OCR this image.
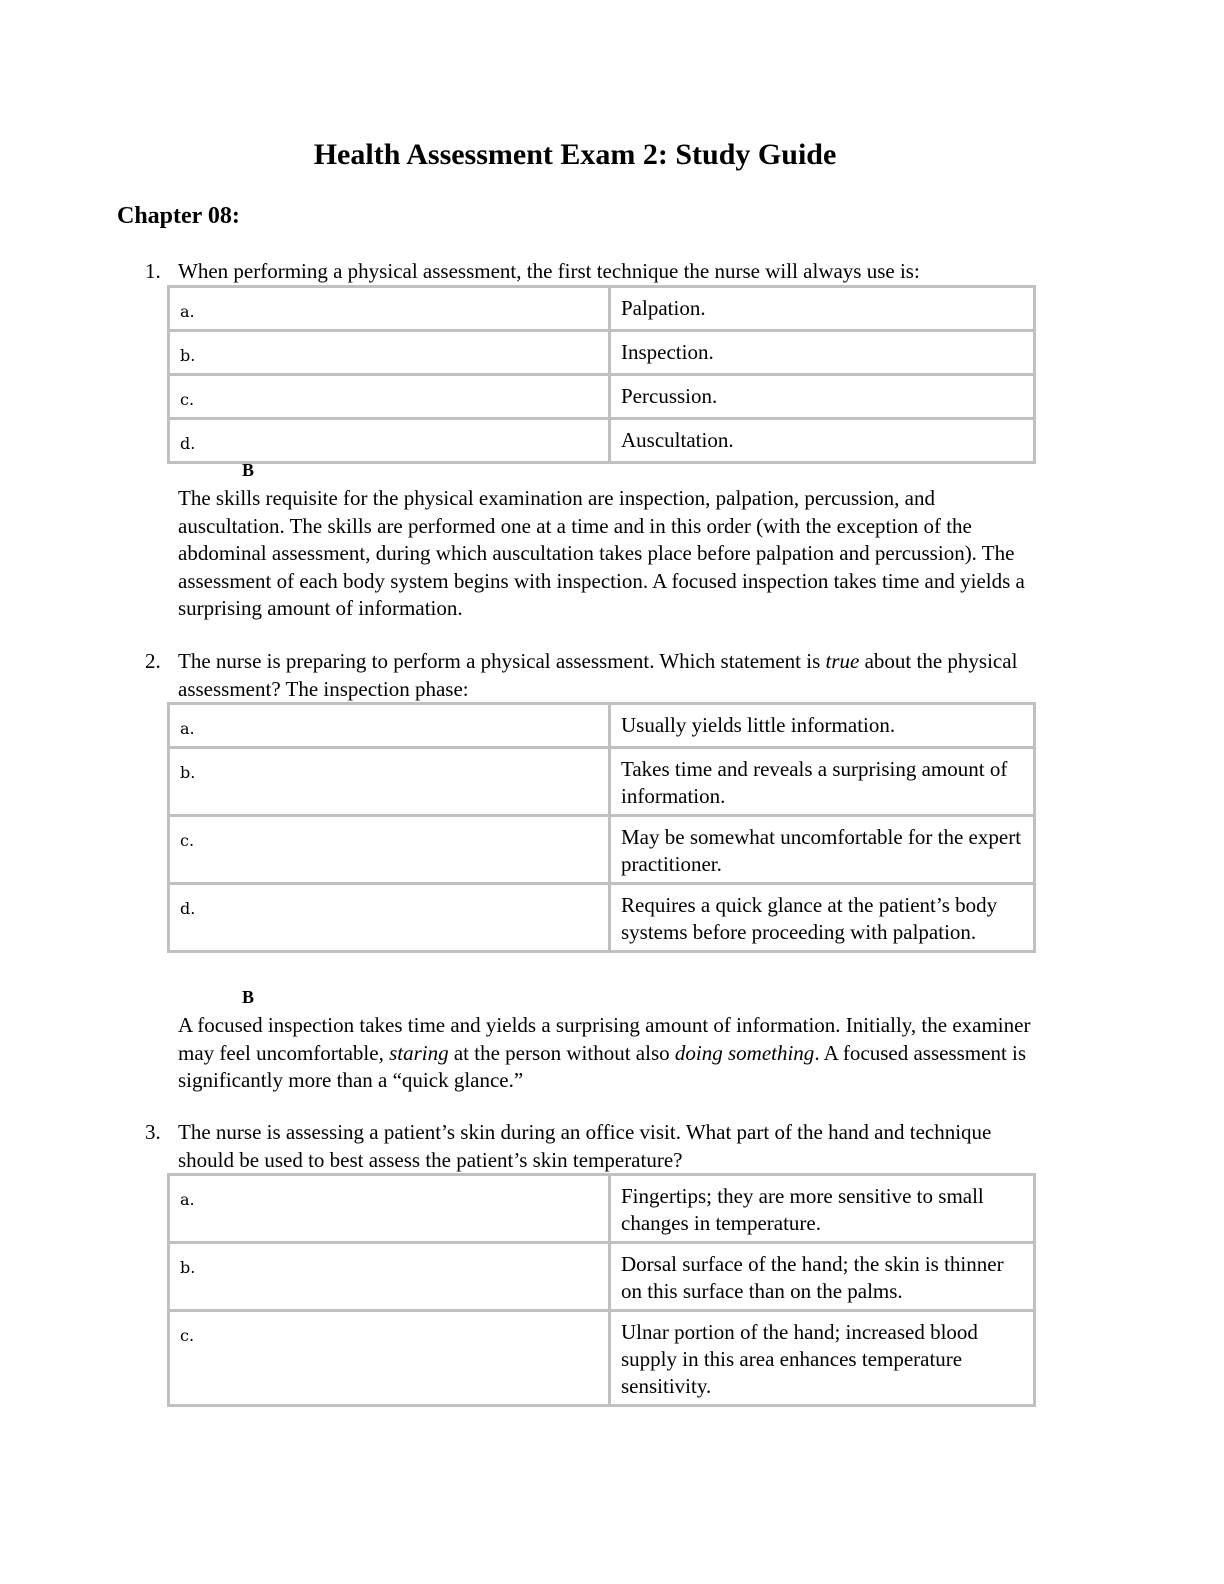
Health Assessment Exam 2: Study Guide
Chapter 08:
1. When performing a physical assessment, the first technique the nurse will always use is:
a.	Palpation.
b.	Inspection.
c.	Percussion.
d.	Auscultation.
B
The skills requisite for the physical examination are inspection, palpation, percussion, and auscultation. The skills are performed one at a time and in this order (with the exception of the abdominal assessment, during which auscultation takes place before palpation and percussion). The assessment of each body system begins with inspection. A focused inspection takes time and yields a surprising amount of information.
2. The nurse is preparing to perform a physical assessment. Which statement is true about the physical assessment? The inspection phase:
a.	Usually yields little information.
b.	Takes time and reveals a surprising amount of information.
c.	May be somewhat uncomfortable for the expert practitioner.
d.	Requires a quick glance at the patient’s body systems before proceeding with palpation.
B
A focused inspection takes time and yields a surprising amount of information. Initially, the examiner may feel uncomfortable, staring at the person without also doing something. A focused assessment is significantly more than a “quick glance.”
3. The nurse is assessing a patient’s skin during an office visit. What part of the hand and technique should be used to best assess the patient’s skin temperature?
a.	Fingertips; they are more sensitive to small changes in temperature.
b.	Dorsal surface of the hand; the skin is thinner on this surface than on the palms.
c.	Ulnar portion of the hand; increased blood supply in this area enhances temperature sensitivity.
